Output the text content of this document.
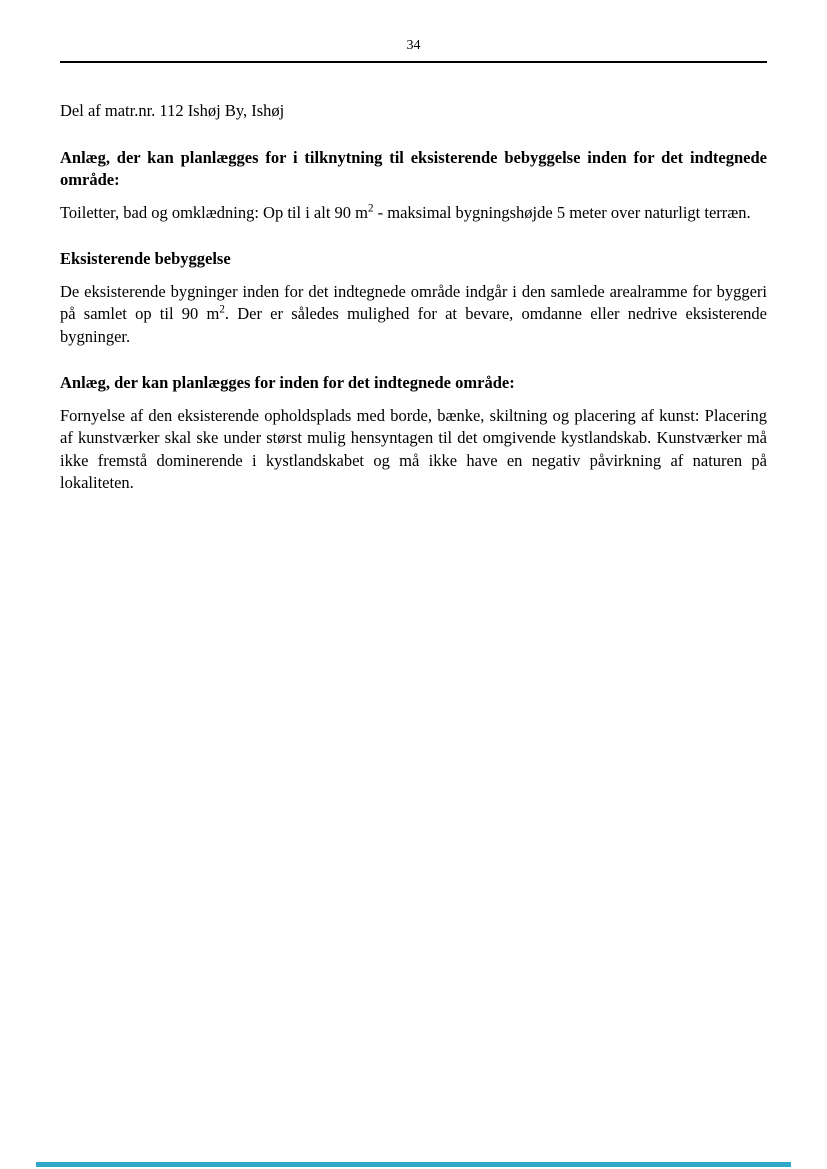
34

Del af matr.nr. 112 Ishøj By, Ishøj

Anlæg, der kan planlægges for i tilknytning til eksisterende bebyggelse inden for det indtegnede område:

Toiletter, bad og omklædning: Op til i alt 90 $m^2$ - maksimal bygningshøjde 5 meter over naturligt terræn.

Eksisterende bebyggelse

De eksisterende bygninger inden for det indtegnede område indgår i den samlede arealramme for byggeri på samlet op til 90 $m^2$. Der er således mulighed for at bevare, omdanne eller nedrive eksisterende bygninger.

Anlæg, der kan planlægges for inden for det indtegnede område:

Fornyelse af den eksisterende opholdsplads med borde, bænke, skiltning og placering af kunst: Placering af kunstværker skal ske under størst mulig hensyntagen til det omgivende kystlandskab. Kunstværker må ikke fremstå dominerende i kystlandskabet og må ikke have en negativ påvirkning af naturen på lokaliteten.
